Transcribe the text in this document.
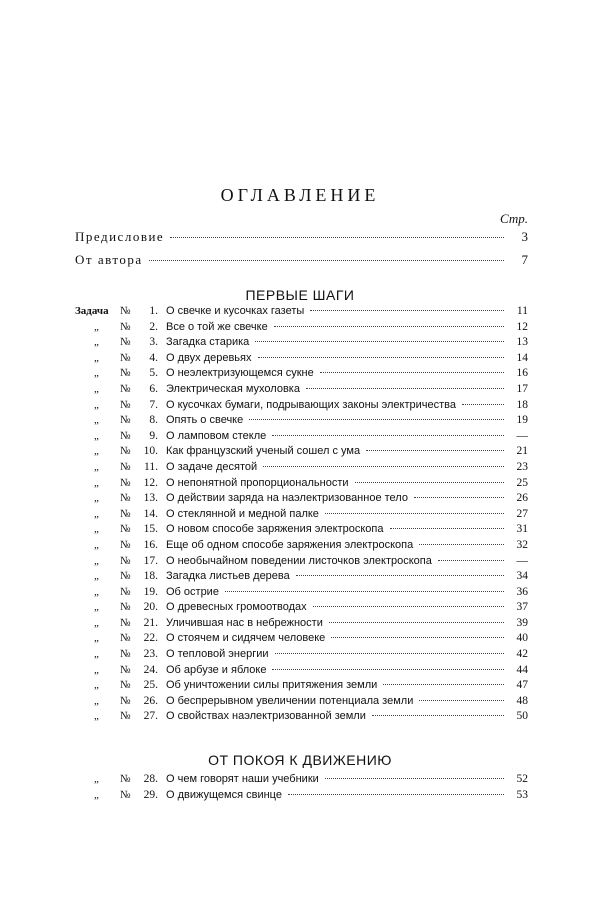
ОГЛАВЛЕНИЕ
Стр.
Предисловие	3
От автора	7
ПЕРВЫЕ ШАГИ
Задача №	1. О свечке и кусочках газеты	11
„ №	2. Все о той же свечке	12
„ №	3. Загадка старика	13
„ №	4. О двух деревьях	14
„ №	5. О неэлектризующемся сукне	16
„ №	6. Электрическая мухоловка	17
„ №	7. О кусочках бумаги, подрывающих законы электричества	18
„ №	8. Опять о свечке	19
„ №	9. О ламповом стекле	—
„ №	10. Как французский ученый сошел с ума	21
„ №	11. О задаче десятой	23
„ №	12. О непонятной пропорциональности	25
„ №	13. О действии заряда на наэлектризованное тело	26
„ №	14. О стеклянной и медной палке	27
„ №	15. О новом способе заряжения электроскопа	31
„ №	16. Еще об одном способе заряжения электроскопа	32
„ №	17. О необычайном поведении листочков электроскопа	—
„ №	18. Загадка листьев дерева	34
„ №	19. Об острие	36
„ №	20. О древесных громоотводах	37
„ №	21. Уличившая нас в небрежности	39
„ №	22. О стоячем и сидячем человеке	40
„ №	23. О тепловой энергии	42
„ №	24. Об арбузе и яблоке	44
„ №	25. Об уничтожении силы притяжения земли	47
„ №	26. О беспрерывном увеличении потенциала земли	48
„ №	27. О свойствах наэлектризованной земли	50
ОТ ПОКОЯ К ДВИЖЕНИЮ
„ №	28. О чем говорят наши учебники	52
„ №	29. О движущемся свинце	53
